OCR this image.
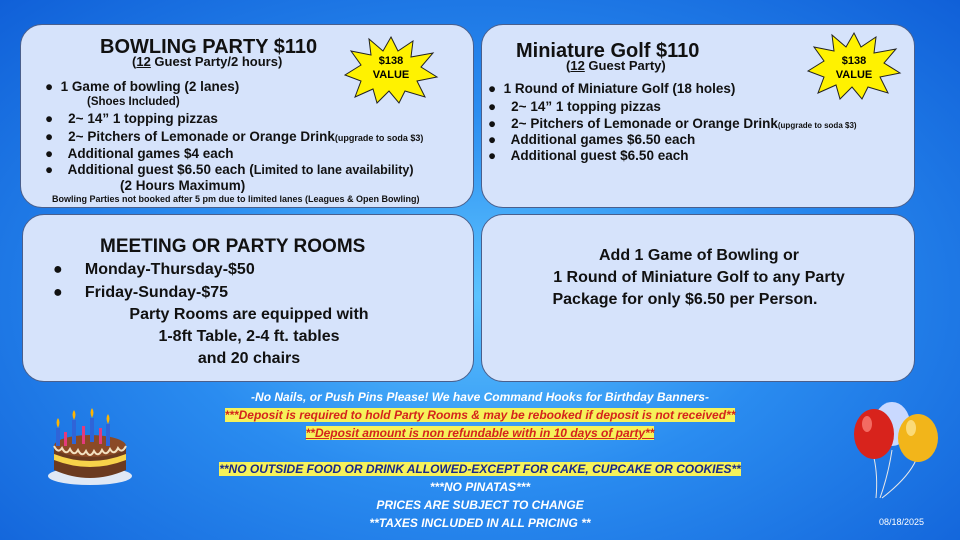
BOWLING PARTY $110
(12 Guest Party/2 hours)
● 1 Game of bowling (2 lanes)
(Shoes Included)
● 2~ 14” 1 topping pizzas
● 2~ Pitchers of Lemonade or Orange Drink(upgrade to soda $3)
● Additional games $4 each
● Additional guest $6.50 each (Limited to lane availability)
(2 Hours Maximum)
Bowling Parties not booked after 5 pm due to limited lanes (Leagues & Open Bowling)
$138
VALUE
Miniature Golf $110
(12 Guest Party)
● 1 Round of Miniature Golf (18 holes)
● 2~ 14” 1 topping pizzas
● 2~ Pitchers of Lemonade or Orange Drink(upgrade to soda $3)
● Additional games $6.50 each
● Additional guest $6.50 each
$138
VALUE
MEETING OR PARTY ROOMS
● Monday-Thursday-$50
● Friday-Sunday-$75
Party Rooms are equipped with
1-8ft Table, 2-4 ft. tables
and 20 chairs
Add 1 Game of Bowling or
1 Round of Miniature Golf to any Party
Package for only $6.50 per Person.
-No Nails, or Push Pins Please! We have Command Hooks for Birthday Banners-
***Deposit is required to hold Party Rooms & may be rebooked if deposit is not received**
**Deposit amount is non refundable with in 10 days of party**

**NO OUTSIDE FOOD OR DRINK ALLOWED-EXCEPT FOR CAKE, CUPCAKE OR COOKIES**
***NO PINATAS***
PRICES ARE SUBJECT TO CHANGE
**TAXES INCLUDED IN ALL PRICING **	08/18/2025
